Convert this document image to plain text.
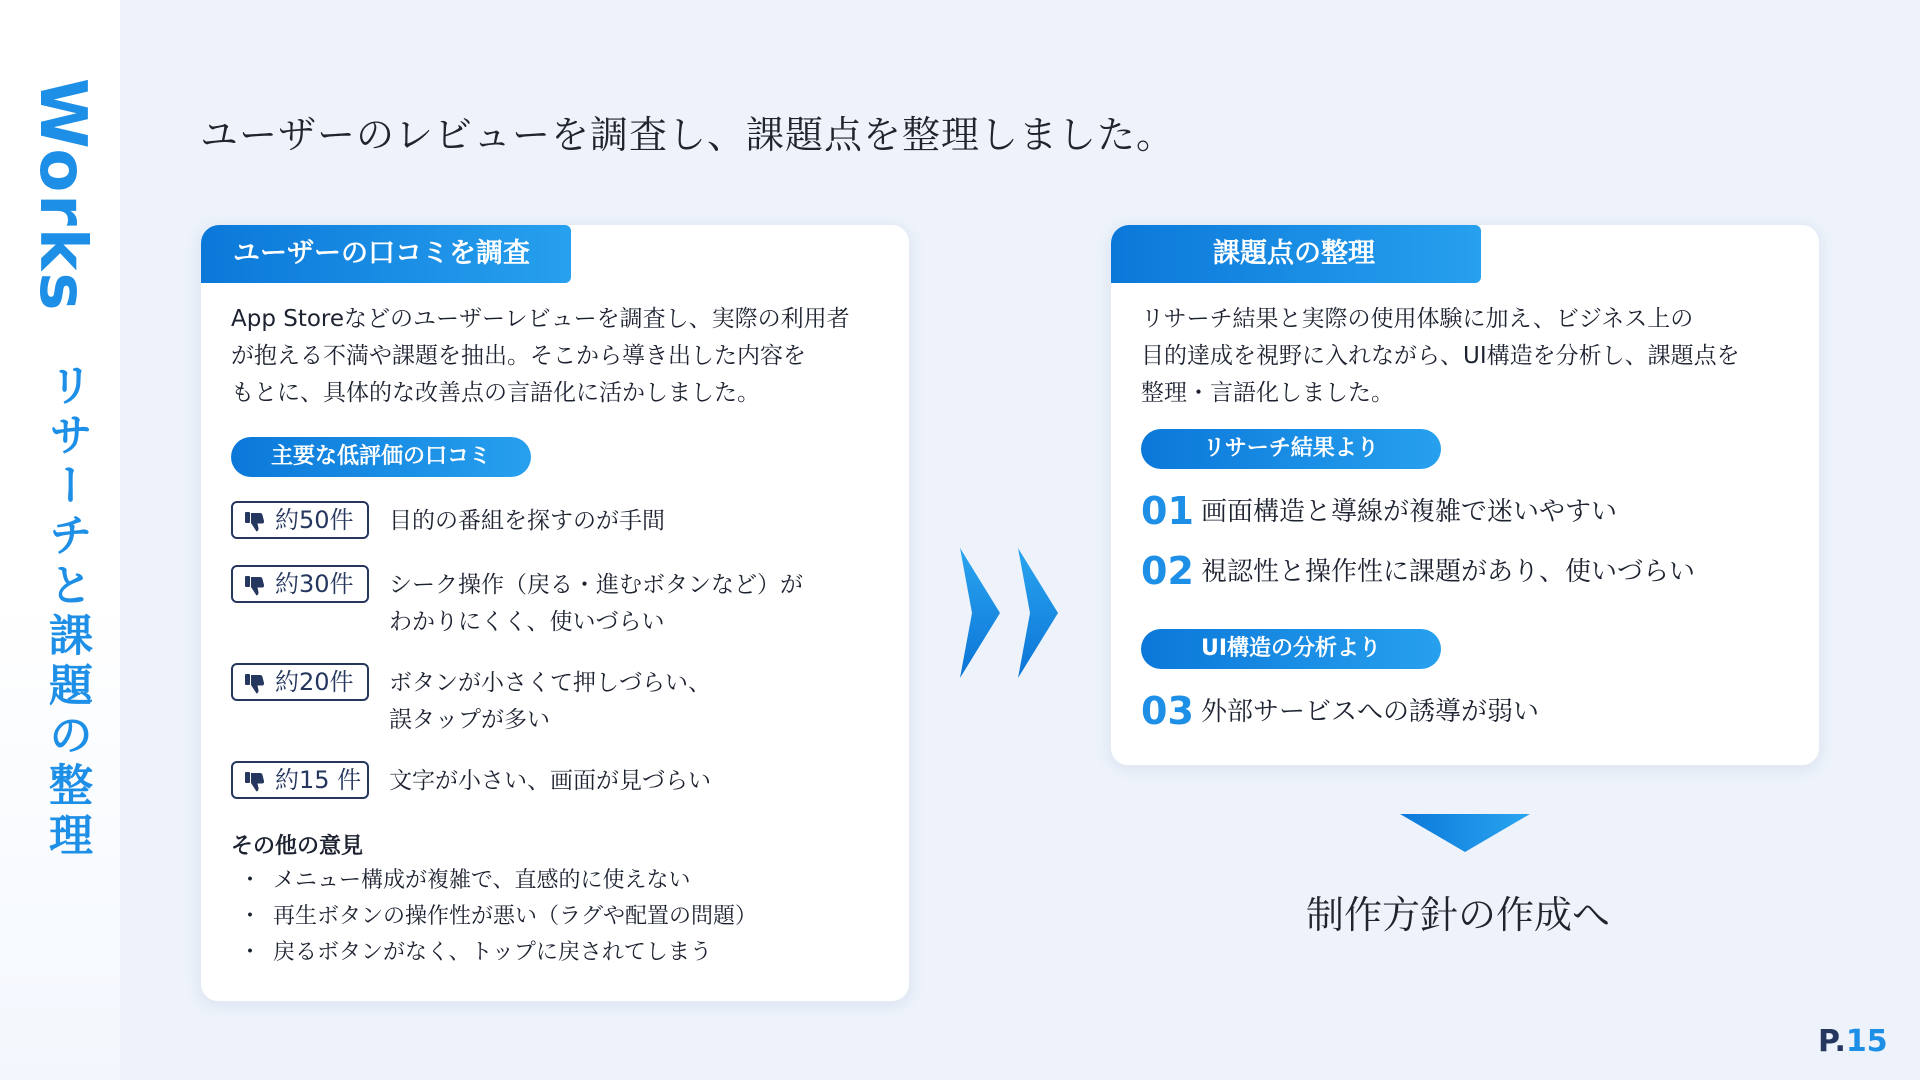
Works
リサーチと課題の整理
ユーザーのレビューを調査し、課題点を整理しました。
ユーザーの口コミを調査
App Storeなどのユーザーレビューを調査し、実際の利用者
が抱える不満や課題を抽出。そこから導き出した内容を
もとに、具体的な改善点の言語化に活かしました。
主要な低評価の口コミ
約50件 目的の番組を探すのが手間
約30件 シーク操作（戻る・進むボタンなど）が
わかりにくく、使いづらい
約20件 ボタンが小さくて押しづらい、
誤タップが多い
約15 件 文字が小さい、画面が見づらい
その他の意見
・ メニュー構成が複雑で、直感的に使えない
・ 再生ボタンの操作性が悪い（ラグや配置の問題）
・ 戻るボタンがなく、トップに戻されてしまう
課題点の整理
リサーチ結果と実際の使用体験に加え、ビジネス上の
目的達成を視野に入れながら、UI構造を分析し、課題点を
整理・言語化しました。
リサーチ結果より
01 画面構造と導線が複雑で迷いやすい
02 視認性と操作性に課題があり、使いづらい
UI構造の分析より
03 外部サービスへの誘導が弱い
制作方針の作成へ
P.15
